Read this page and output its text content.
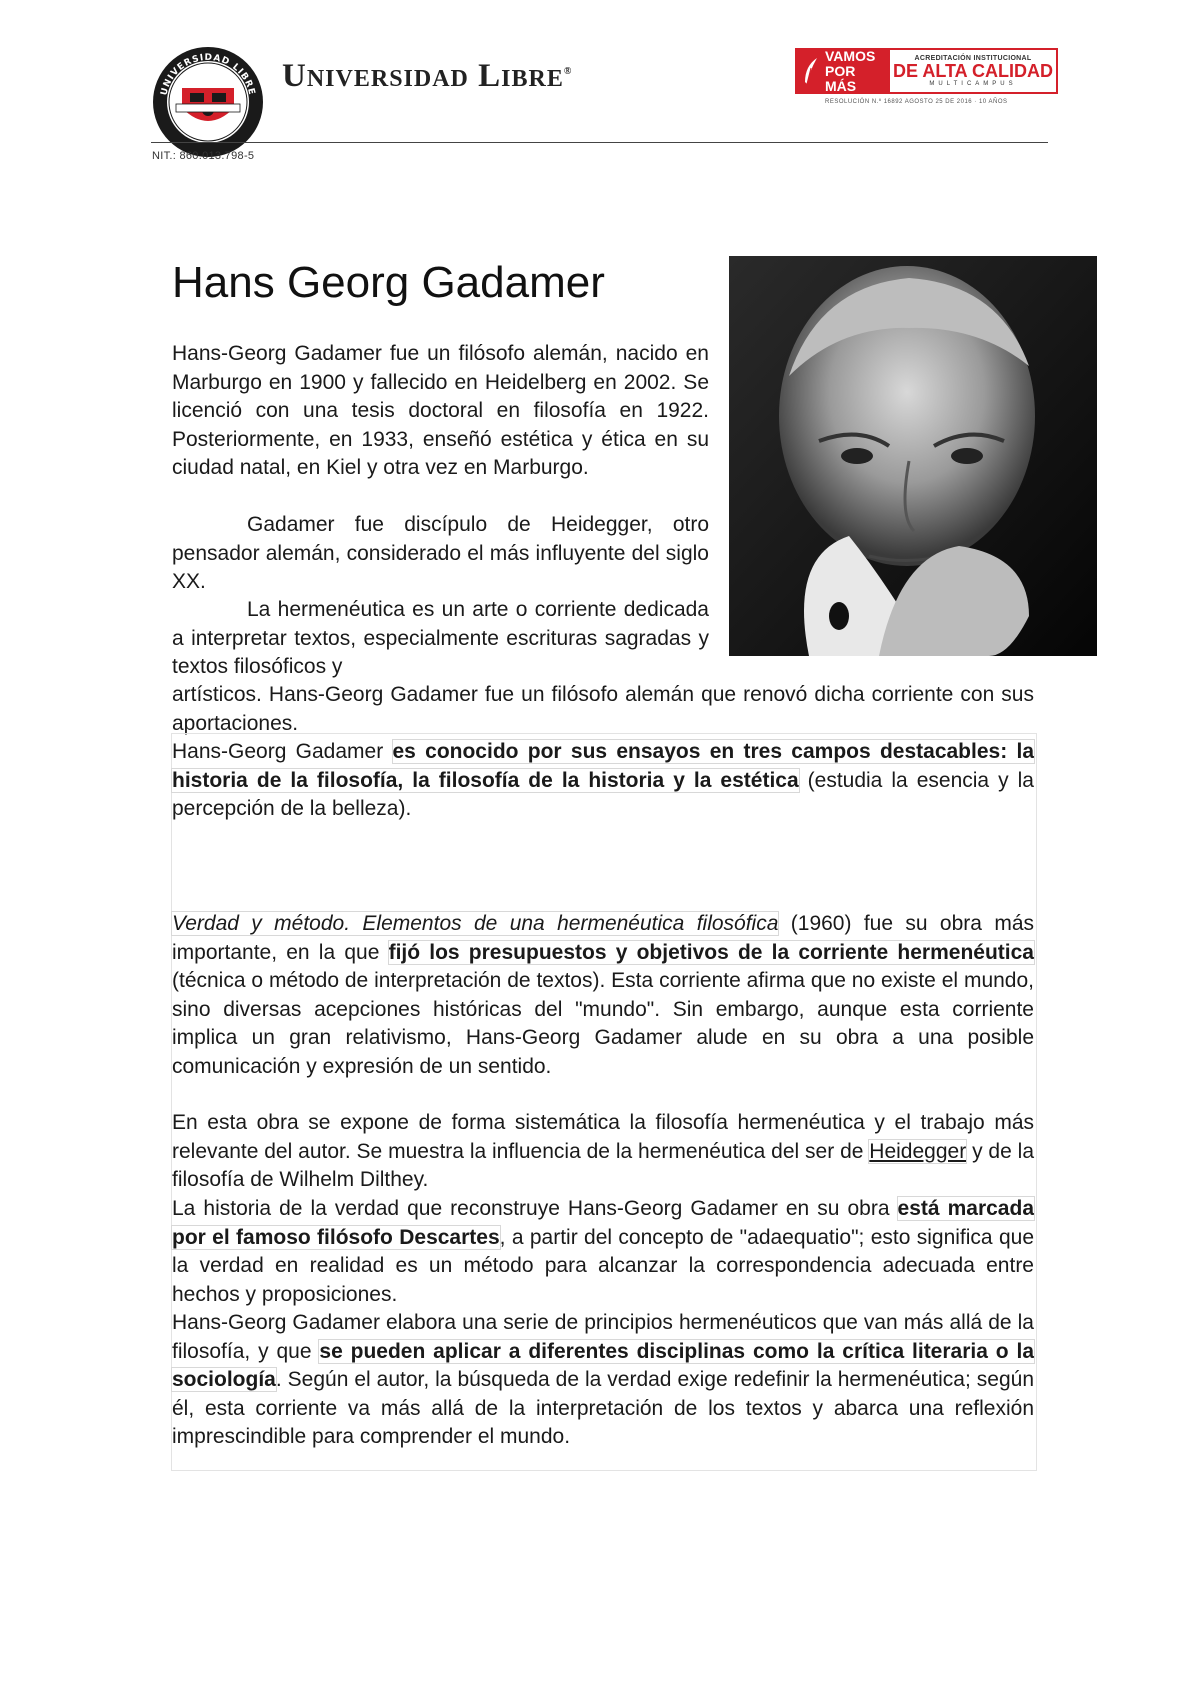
UNIVERSIDAD LIBRE
COLOMBIA
UNIVERSIDAD LIBRE®
VAMOS
POR MÁS
ACREDITACIÓN INSTITUCIONAL
DE ALTA CALIDAD
MULTICAMPUS
RESOLUCIÓN N.º 16892 AGOSTO 25 DE 2016 · 10 AÑOS
NIT.: 860.013.798-5
Hans Georg Gadamer

Hans-Georg Gadamer fue un filósofo alemán, nacido en Marburgo en 1900 y fallecido en Heidelberg en 2002. Se licenció con una tesis doctoral en filosofía en 1922. Posteriormente, en 1933, enseñó estética y ética en su ciudad natal, en Kiel y otra vez en Marburgo.

Gadamer fue discípulo de Heidegger, otro pensador alemán, considerado el más influyente del siglo XX.

La hermenéutica es un arte o corriente dedicada a interpretar textos, especialmente escrituras sagradas y textos filosóficos y

artísticos. Hans-Georg Gadamer fue un filósofo alemán que renovó dicha corriente con sus aportaciones.

Hans-Georg Gadamer es conocido por sus ensayos en tres campos destacables: la historia de la filosofía, la filosofía de la historia y la estética (estudia la esencia y la percepción de la belleza).

Verdad y método. Elementos de una hermenéutica filosófica (1960) fue su obra más importante, en la que fijó los presupuestos y objetivos de la corriente hermenéutica (técnica o método de interpretación de textos). Esta corriente afirma que no existe el mundo, sino diversas acepciones históricas del "mundo". Sin embargo, aunque esta corriente implica un gran relativismo, Hans-Georg Gadamer alude en su obra a una posible comunicación y expresión de un sentido.

En esta obra se expone de forma sistemática la filosofía hermenéutica y el trabajo más relevante del autor. Se muestra la influencia de la hermenéutica del ser de Heidegger y de la filosofía de Wilhelm Dilthey.

La historia de la verdad que reconstruye Hans-Georg Gadamer en su obra está marcada por el famoso filósofo Descartes, a partir del concepto de "adaequatio"; esto significa que la verdad en realidad es un método para alcanzar la correspondencia adecuada entre hechos y proposiciones.

Hans-Georg Gadamer elabora una serie de principios hermenéuticos que van más allá de la filosofía, y que se pueden aplicar a diferentes disciplinas como la crítica literaria o la sociología. Según el autor, la búsqueda de la verdad exige redefinir la hermenéutica; según él, esta corriente va más allá de la interpretación de los textos y abarca una reflexión imprescindible para comprender el mundo.
